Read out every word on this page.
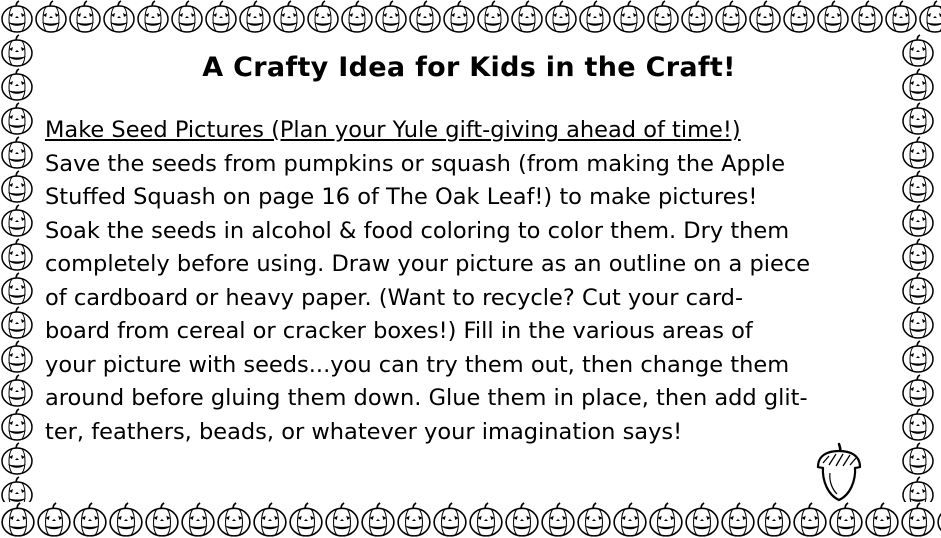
A Crafty Idea for Kids in the Craft!
Make Seed Pictures (Plan your Yule gift-giving ahead of time!)
Save the seeds from pumpkins or squash (from making the Apple
Stuffed Squash on page 16 of The Oak Leaf!) to make pictures!
Soak the seeds in alcohol & food coloring to color them. Dry them
completely before using. Draw your picture as an outline on a piece
of cardboard or heavy paper. (Want to recycle? Cut your card-
board from cereal or cracker boxes!) Fill in the various areas of
your picture with seeds...you can try them out, then change them
around before gluing them down. Glue them in place, then add glit-
ter, feathers, beads, or whatever your imagination says!
